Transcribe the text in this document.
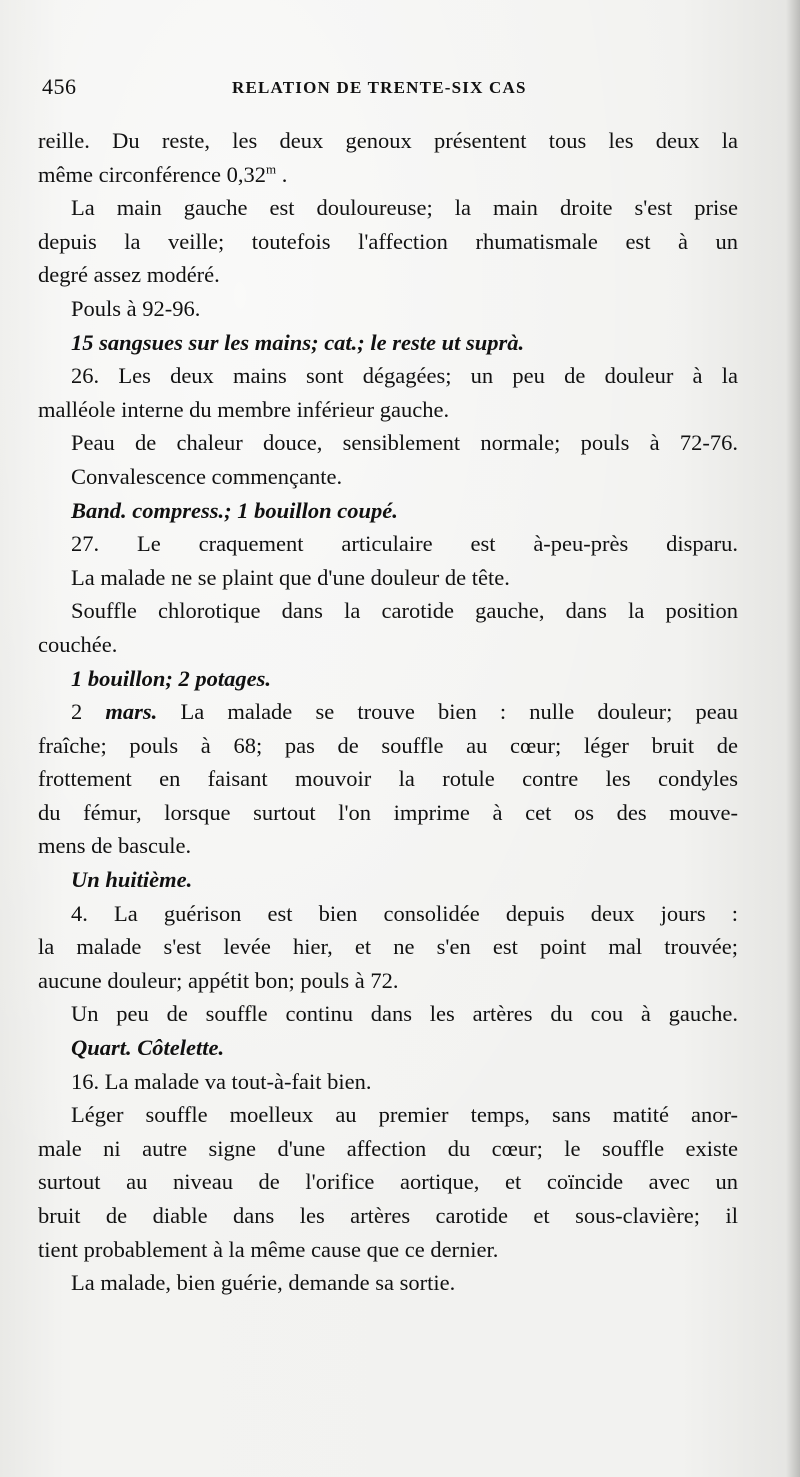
456	RELATION DE TRENTE-SIX CAS
reille. Du reste, les deux genoux présentent tous les deux la
même circonférence 0,32$^m$ .
La main gauche est douloureuse; la main droite s'est prise
depuis la veille; toutefois l'affection rhumatismale est à un
degré assez modéré.
Pouls à 92-96.
15 sangsues sur les mains; cat.; le reste ut suprà.
26. Les deux mains sont dégagées; un peu de douleur à la
malléole interne du membre inférieur gauche.
Peau de chaleur douce, sensiblement normale; pouls à 72-76.
Convalescence commençante.
Band. compress.; 1 bouillon coupé.
27. Le craquement articulaire est à-peu-près disparu.
La malade ne se plaint que d'une douleur de tête.
Souffle chlorotique dans la carotide gauche, dans la position
couchée.
1 bouillon; 2 potages.
2 mars. La malade se trouve bien : nulle douleur; peau
fraîche; pouls à 68; pas de souffle au cœur; léger bruit de
frottement en faisant mouvoir la rotule contre les condyles
du fémur, lorsque surtout l'on imprime à cet os des mouve-
mens de bascule.
Un huitième.
4. La guérison est bien consolidée depuis deux jours :
la malade s'est levée hier, et ne s'en est point mal trouvée;
aucune douleur; appétit bon; pouls à 72.
Un peu de souffle continu dans les artères du cou à gauche.
Quart. Côtelette.
16. La malade va tout-à-fait bien.
Léger souffle moelleux au premier temps, sans matité anor-
male ni autre signe d'une affection du cœur; le souffle existe
surtout au niveau de l'orifice aortique, et coïncide avec un
bruit de diable dans les artères carotide et sous-clavière; il
tient probablement à la même cause que ce dernier.
La malade, bien guérie, demande sa sortie.
